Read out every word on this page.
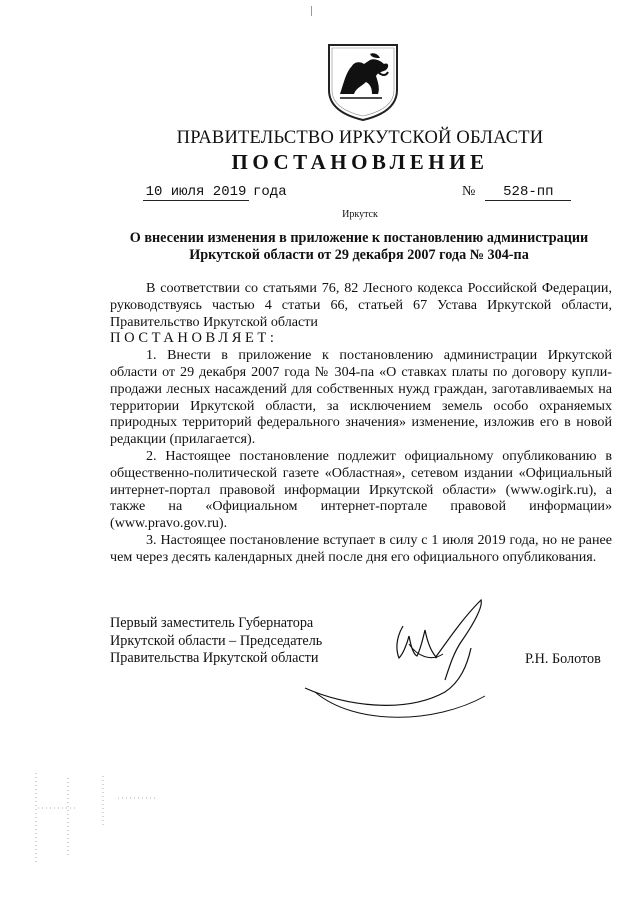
ПРАВИТЕЛЬСТВО ИРКУТСКОЙ ОБЛАСТИ
ПОСТАНОВЛЕНИЕ
10 июля 2019 года	№ 528-пп
Иркутск
О внесении изменения в приложение к постановлению администрации Иркутской области от 29 декабря 2007 года № 304-па

В соответствии со статьями 76, 82 Лесного кодекса Российской Федерации, руководствуясь частью 4 статьи 66, статьей 67 Устава Иркутской области, Правительство Иркутской области

ПОСТАНОВЛЯЕТ:

1. Внести в приложение к постановлению администрации Иркутской области от 29 декабря 2007 года № 304-па «О ставках платы по договору купли-продажи лесных насаждений для собственных нужд граждан, заготавливаемых на территории Иркутской области, за исключением земель особо охраняемых природных территорий федерального значения» изменение, изложив его в новой редакции (прилагается).

2. Настоящее постановление подлежит официальному опубликованию в общественно-политической газете «Областная», сетевом издании «Официальный интернет-портал правовой информации Иркутской области» (www.ogirk.ru), а также на «Официальном интернет-портале правовой информации» (www.pravo.gov.ru).

3. Настоящее постановление вступает в силу с 1 июля 2019 года, но не ранее чем через десять календарных дней после дня его официального опубликования.

Первый заместитель Губернатора
Иркутской области – Председатель
Правительства Иркутской области	Р.Н. Болотов
